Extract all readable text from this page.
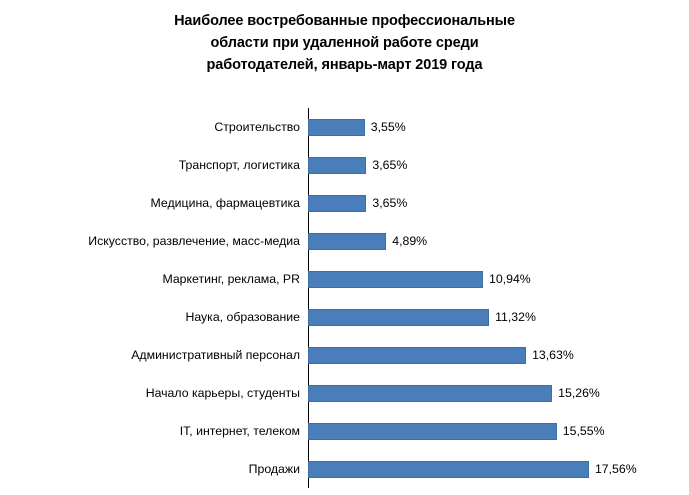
Наиболее востребованные профессиональные
области при удаленной работе среди
работодателей, январь-март 2019 года
Строительство	3,55%
Транспорт, логистика	3,65%
Медицина, фармацевтика	3,65%
Искусство, развлечение, масс-медиа	4,89%
Маркетинг, реклама, PR	10,94%
Наука, образование	11,32%
Административный персонал	13,63%
Начало карьеры, студенты	15,26%
IT, интернет, телеком	15,55%
Продажи	17,56%
